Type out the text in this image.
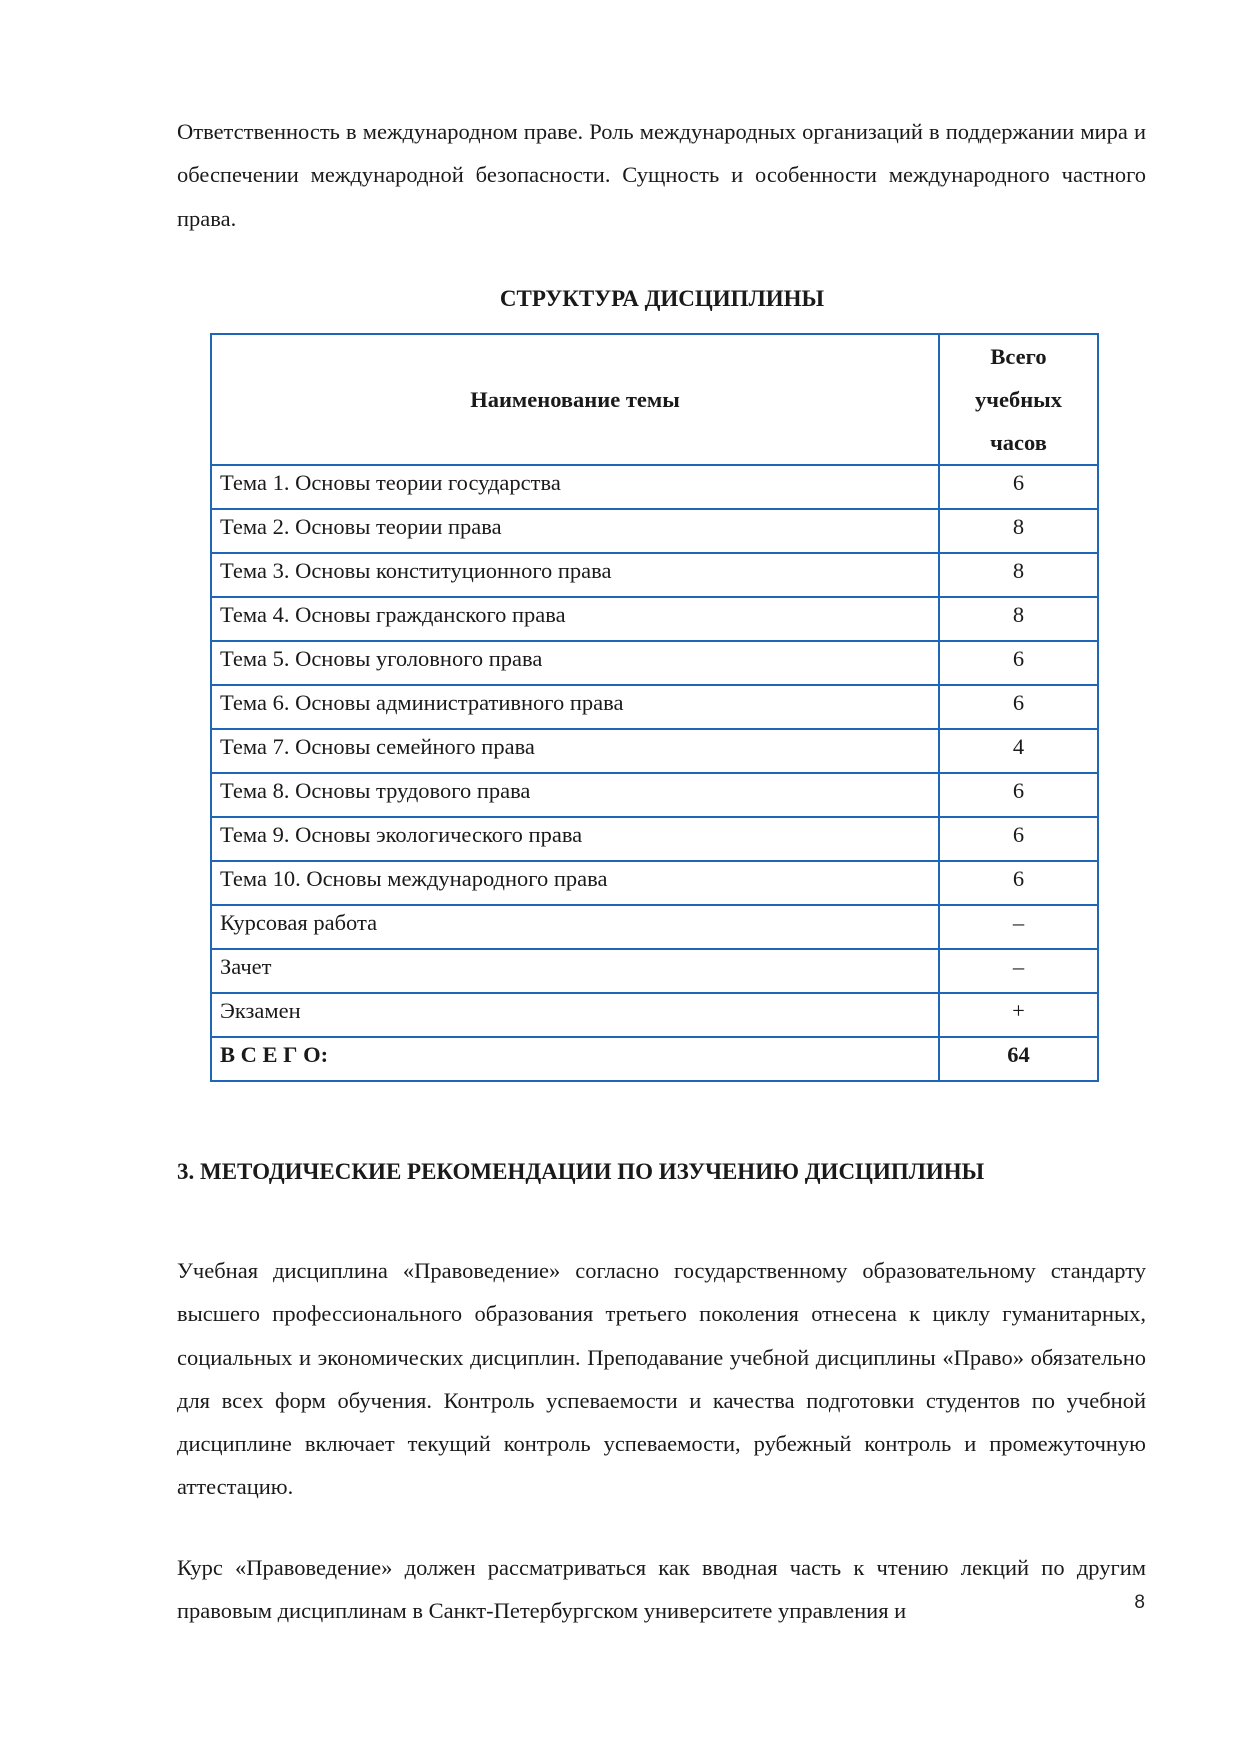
Ответственность в международном праве. Роль международных организаций в поддержании мира и обеспечении международной безопасности. Сущность и особенности международного частного права.

СТРУКТУРА ДИСЦИПЛИНЫ
Наименование темы	Всего учебных часов
Тема 1. Основы теории государства	6
Тема 2. Основы теории права	8
Тема 3. Основы конституционного права	8
Тема 4. Основы гражданского права	8
Тема 5. Основы уголовного права	6
Тема 6. Основы административного права	6
Тема 7. Основы семейного права	4
Тема 8. Основы трудового права	6
Тема 9. Основы экологического права	6
Тема 10. Основы международного права	6
Курсовая работа	–
Зачет	–
Экзамен	+
В С Е Г О:	64
3. МЕТОДИЧЕСКИЕ РЕКОМЕНДАЦИИ ПО ИЗУЧЕНИЮ ДИСЦИПЛИНЫ

Учебная дисциплина «Правоведение» согласно государственному образовательному стандарту высшего профессионального образования третьего поколения отнесена к циклу гуманитарных, социальных и экономических дисциплин. Преподавание учебной дисциплины «Право» обязательно для всех форм обучения. Контроль успеваемости и качества подготовки студентов по учебной дисциплине включает текущий контроль успеваемости, рубежный контроль и промежуточную аттестацию.

Курс «Правоведение» должен рассматриваться как вводная часть к чтению лекций по другим правовым дисциплинам в Санкт-Петербургском университете управления и	8
